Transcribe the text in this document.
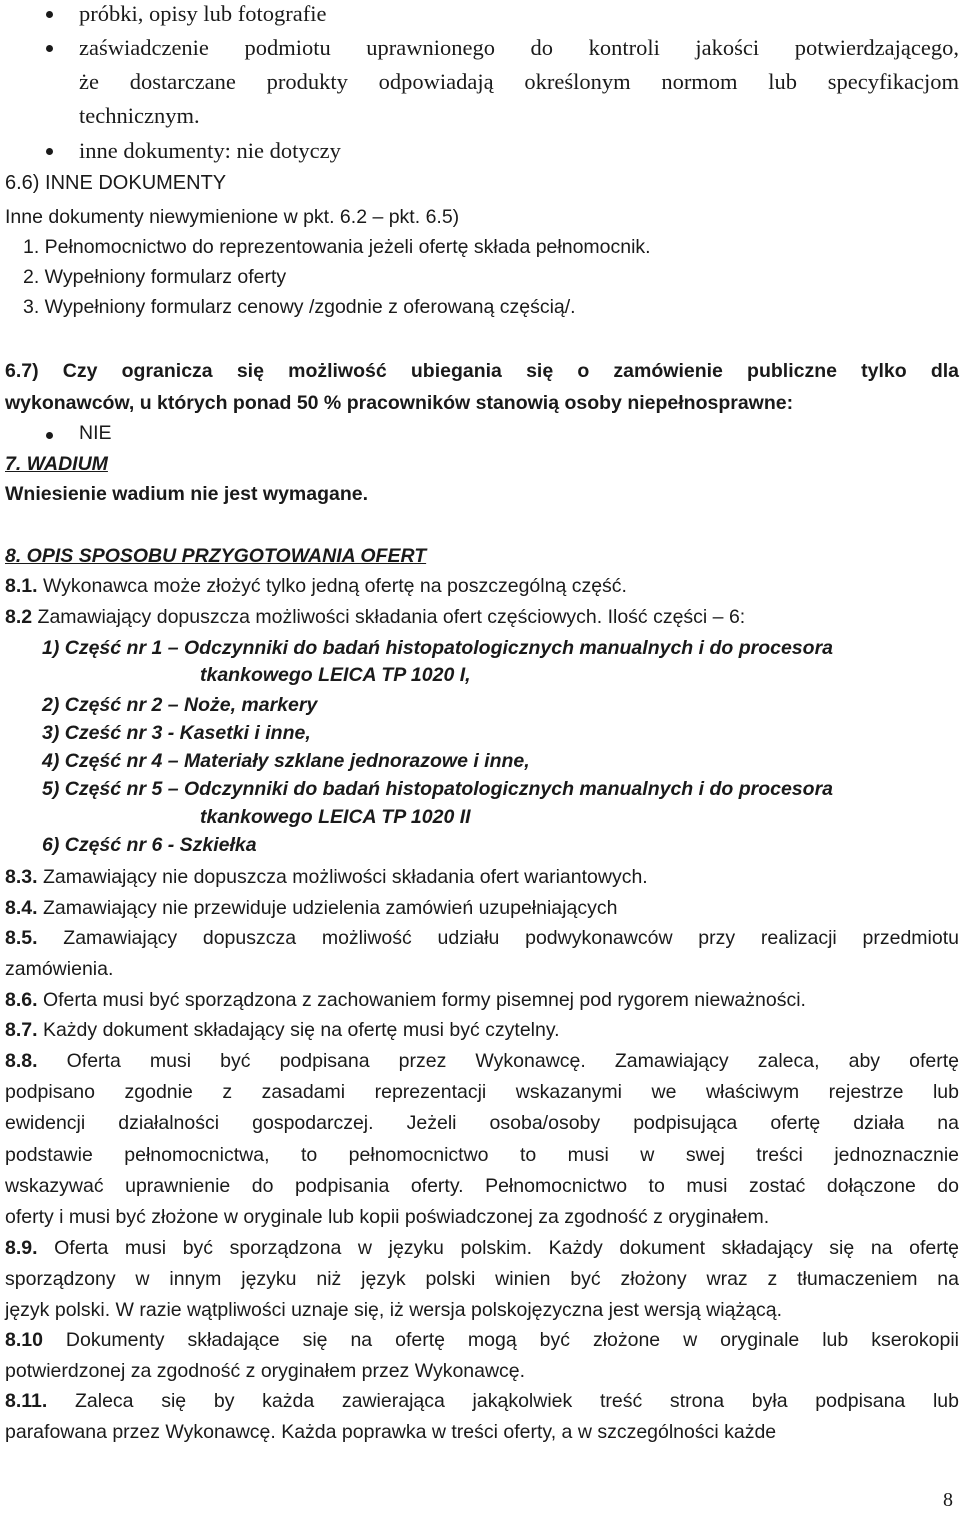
próbki, opisy lub fotografie
zaświadczenie podmiotu uprawnionego do kontroli jakości potwierdzającego,
że dostarczane produkty odpowiadają określonym normom lub specyfikacjom
technicznym.
inne dokumenty: nie dotyczy
6.6) INNE DOKUMENTY
Inne dokumenty niewymienione w pkt. 6.2 – pkt. 6.5)
1. Pełnomocnictwo do reprezentowania jeżeli ofertę składa pełnomocnik.
2. Wypełniony formularz oferty
3. Wypełniony formularz cenowy /zgodnie z oferowaną częścią/.
6.7) Czy ogranicza się możliwość ubiegania się o zamówienie publiczne tylko dla
wykonawców, u których ponad 50 % pracowników stanowią osoby niepełnosprawne:
NIE
7. WADIUM
Wniesienie wadium nie jest wymagane.
8. OPIS SPOSOBU PRZYGOTOWANIA OFERT
8.1. Wykonawca może złożyć tylko jedną ofertę na poszczególną część.
8.2 Zamawiający dopuszcza możliwości składania ofert częściowych. Ilość części – 6:
1) Część nr 1 – Odczynniki do badań histopatologicznych manualnych i do procesora
tkankowego LEICA TP 1020 I,
2) Część nr 2 – Noże, markery
3) Cześć nr 3 - Kasetki i inne,
4) Część nr 4 – Materiały szklane jednorazowe i inne,
5) Część nr 5 – Odczynniki do badań histopatologicznych manualnych i do procesora
tkankowego LEICA TP 1020 II
6) Część nr 6 - Szkiełka
8.3. Zamawiający nie dopuszcza możliwości składania ofert wariantowych.
8.4. Zamawiający nie przewiduje udzielenia zamówień uzupełniających
8.5. Zamawiający dopuszcza możliwość udziału podwykonawców przy realizacji przedmiotu
zamówienia.
8.6. Oferta musi być sporządzona z zachowaniem formy pisemnej pod rygorem nieważności.
8.7. Każdy dokument składający się na ofertę musi być czytelny.
8.8. Oferta musi być podpisana przez Wykonawcę. Zamawiający zaleca, aby ofertę
podpisano zgodnie z zasadami reprezentacji wskazanymi we właściwym rejestrze lub
ewidencji działalności gospodarczej. Jeżeli osoba/osoby podpisująca ofertę działa na
podstawie pełnomocnictwa, to pełnomocnictwo to musi w swej treści jednoznacznie
wskazywać uprawnienie do podpisania oferty. Pełnomocnictwo to musi zostać dołączone do
oferty i musi być złożone w oryginale lub kopii poświadczonej za zgodność z oryginałem.
8.9. Oferta musi być sporządzona w języku polskim. Każdy dokument składający się na ofertę
sporządzony w innym języku niż język polski winien być złożony wraz z tłumaczeniem na
język polski. W razie wątpliwości uznaje się, iż wersja polskojęzyczna jest wersją wiążącą.
8.10 Dokumenty składające się na ofertę mogą być złożone w oryginale lub kserokopii
potwierdzonej za zgodność z oryginałem przez Wykonawcę.
8.11. Zaleca się by każda zawierająca jakąkolwiek treść strona była podpisana lub
parafowana przez Wykonawcę. Każda poprawka w treści oferty, a w szczególności każde
8
